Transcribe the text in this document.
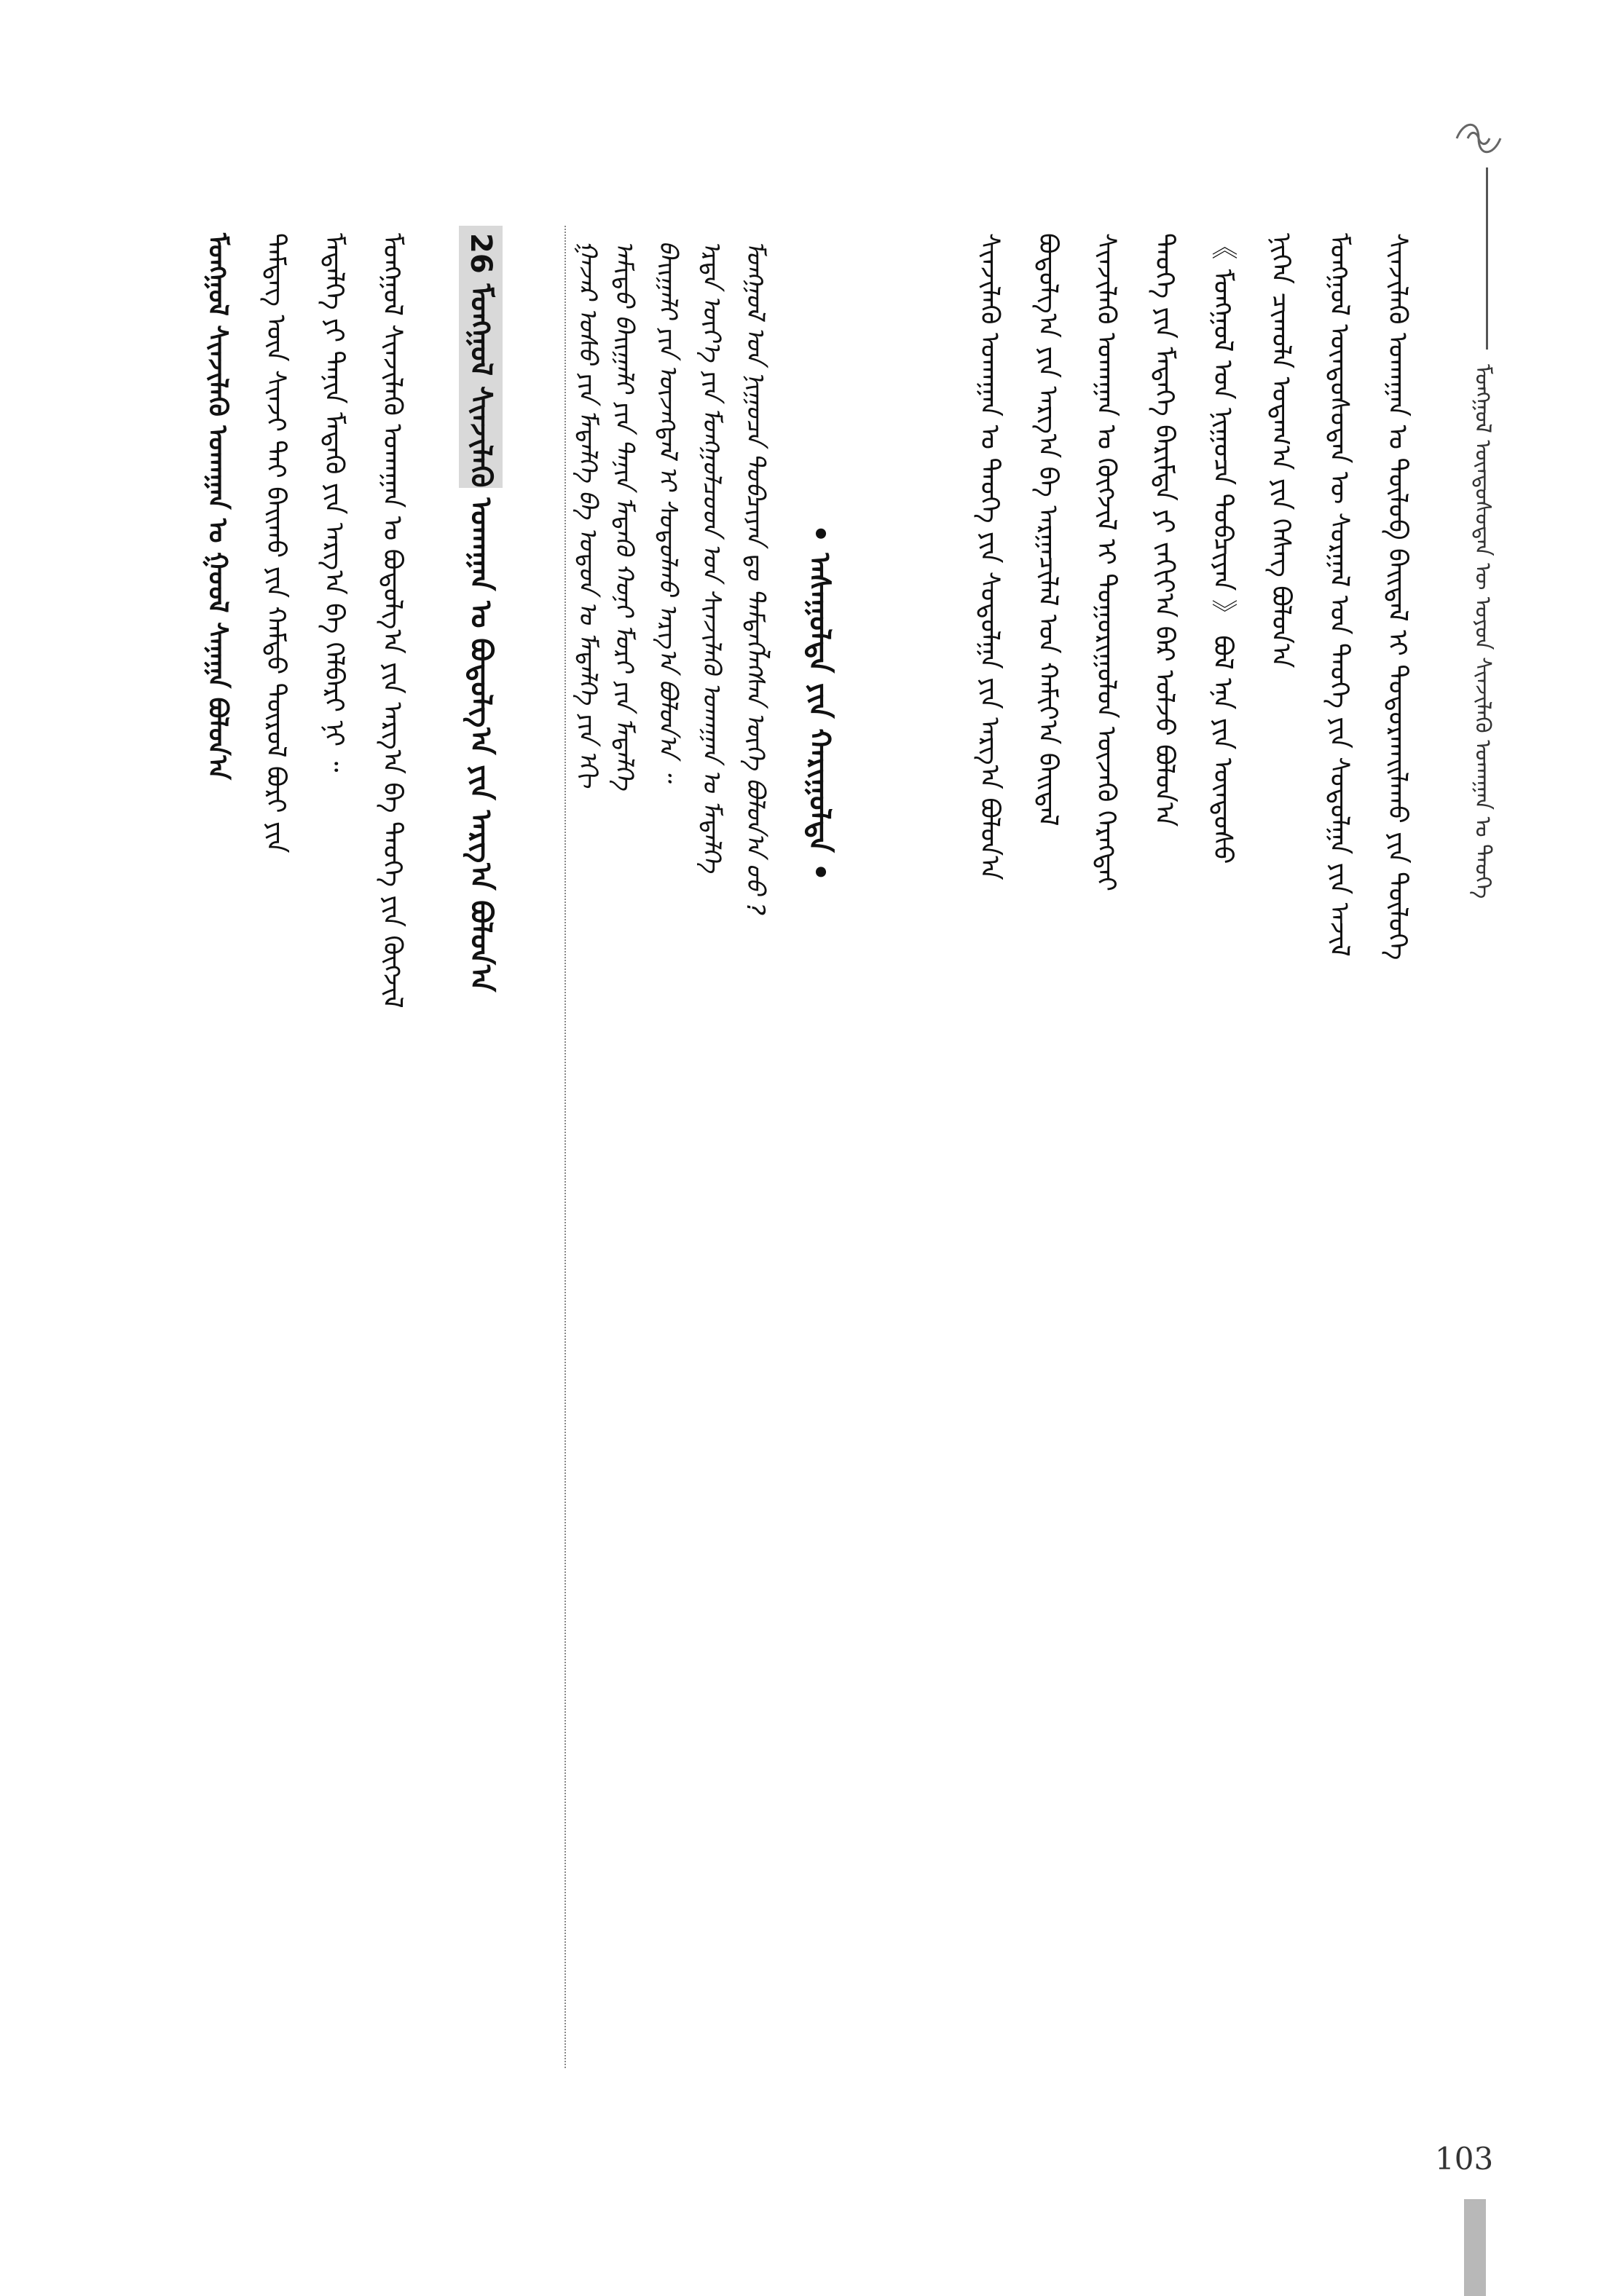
ᠮᠣᠩᠭᠣᠯ ᠦᠨᠳᠦᠰᠦᠲᠡᠨ ᠦ ᠣᠶᠤᠨ ᠰᠢᠨᠵᠢᠯᠡᠬᠦ ᠤᠬᠠᠭᠠᠨ ᠤ ᠲᠡᠦᠬᠡ
ᠰᠢᠨᠵᠢᠯᠡᠬᠦ ᠤᠬᠠᠭᠠᠨ ᠤ ᠲᠦᠯᠦᠪ ᠪᠠᠢᠳᠠᠯ ᠢ ᠲᠣᠳᠣᠷᠬᠠᠢᠯᠠᠬᠤ ᠶᠢᠨ ᠲᠦᠯᠦᠭᠡ
ᠮᠣᠩᠭᠣᠯ ᠦᠨᠳᠦᠰᠦᠲᠡᠨ ᠦ ᠰᠤᠷᠭᠠᠯ ᠤᠨ ᠲᠡᠦᠬᠡ ᠶᠢᠨ ᠰᠤᠳᠤᠯᠭᠠ ᠶᠢᠨ ᠠᠵᠢᠯ
ᠨᠢᠭᠡᠨ ᠴᠢᠬᠤᠯᠠ ᠤᠳᠠᠭ᠎ᠠ ᠶᠢᠨ ᠬᠡᠰᠡᠭ ᠪᠣᠯᠤᠨ᠎ᠠ
《 ᠮᠣᠩᠭᠣᠯ ᠤᠨ ᠨᠢᠭᠤᠴᠠ ᠲᠣᠪᠴᠢᠶᠠᠨ 》 ᠪᠣᠯ ᠡᠨᠡ ᠶᠢᠨ ᠦᠨᠳᠦᠰᠦ
ᠲᠡᠦᠬᠡ ᠶᠢᠨ ᠮᠡᠳᠡᠭᠡ ᠪᠠᠷᠢᠮᠲᠠ ᠶᠢ ᠵᠠᠬᠢᠶ᠎ᠠ ᠪᠠᠷ ᠣᠯᠵᠤ ᠪᠣᠯᠤᠨ᠎ᠠ
ᠰᠢᠨᠵᠢᠯᠡᠬᠦ ᠤᠬᠠᠭᠠᠨ ᠤ ᠬᠥᠭᠵᠢᠯ ᠢ ᠲᠣᠭᠤᠷᠢᠭᠤᠯᠤᠨ ᠦᠵᠡᠬᠦ ᠬᠡᠷᠡᠭᠲᠡᠢ
ᠪᠤᠳᠤᠯᠭ᠎ᠠ ᠶᠢᠨ ᠠᠷᠭ᠎ᠠ ᠪᠠ ᠠᠷᠭᠠᠴᠢᠯᠠᠯ ᠤᠨ ᠬᠠᠮᠢᠶ᠎ᠠ ᠪᠠᠢᠳᠠᠯ
ᠰᠢᠨᠵᠢᠯᠡᠬᠦ ᠤᠬᠠᠭᠠᠨ ᠤ ᠲᠡᠦᠬᠡ ᠶᠢᠨ ᠰᠤᠳᠤᠯᠭᠠ ᠶᠢᠨ ᠠᠷᠭ᠎ᠠ ᠪᠣᠯᠤᠨ᠎ᠠ
• ᠠᠰᠠᠭᠤᠯᠲᠠ ᠶᠢᠨ ᠬᠠᠷᠢᠭᠤᠯᠲᠠ •
ᠮᠣᠩᠭᠣᠯ ᠤᠨ ᠨᠢᠭᠤᠴᠠ ᠲᠣᠪᠴᠢᠶᠠᠨ ᠳᠤ ᠲᠡᠮᠳᠡᠭᠯᠡᠭᠰᠡᠨ ᠦᠭᠡ ᠪᠣᠯᠤᠨ᠎ᠠ ᠤᠤ ?
ᠡᠷᠲᠡ ᠦᠶ᠎ᠡ ᠶᠢᠨ ᠮᠣᠩᠭᠣᠯᠴᠤᠳ ᠤᠨ ᠰᠢᠨᠵᠢᠯᠡᠬᠦ ᠤᠬᠠᠭᠠᠨ ᠤ ᠮᠡᠳᠡᠯᠭᠡ
ᠪᠠᠢᠭᠠᠯᠢ ᠶᠢᠨ ᠦᠵᠡᠭᠳᠡᠯ ᠢ ᠰᠤᠳᠤᠯᠬᠤ ᠠᠷᠭ᠎ᠠ ᠪᠣᠯᠤᠨ᠎ᠠ ᠃
ᠠᠮᠢᠳᠤ ᠪᠠᠢᠭᠠᠯᠢ ᠶᠢᠨ ᠲᠠᠨᠢᠨ ᠮᠡᠳᠡᠬᠦ ᠬᠣᠨᠢ ᠮᠣᠷᠢ ᠶᠢᠨ ᠮᠡᠳᠡᠯᠭᠡ
ᠭᠠᠵᠠᠷ ᠤᠰᠤ ᠶᠢᠨ ᠮᠡᠳᠡᠯᠭᠡ ᠪᠠ ᠣᠳᠤᠨ ᠤ ᠮᠡᠳᠡᠯᠭᠡ ᠶᠢᠨ ᠡᠬᠢ
26 ᠮᠣᠩᠭᠣᠯ ᠰᠢᠨᠵᠢᠯᠡᠬᠦ ᠤᠬᠠᠭᠠᠨ ᠤ ᠪᠣᠳᠤᠯᠭ᠎ᠠ ᠶᠢᠨ ᠠᠷᠭ᠎ᠠ ᠪᠣᠯᠤᠨ᠎ᠠ
ᠮᠣᠩᠭᠣᠯ ᠰᠢᠨᠵᠢᠯᠡᠬᠦ ᠤᠬᠠᠭᠠᠨ ᠤ ᠪᠣᠳᠤᠯᠭ᠎ᠠ ᠶᠢᠨ ᠠᠷᠭ᠎ᠠ ᠪᠠ ᠲᠡᠦᠬᠡ ᠶᠢᠨ ᠬᠥᠭᠵᠢᠯ
ᠮᠡᠳᠡᠯᠭᠡ ᠶᠢ ᠲᠠᠨᠢᠨ ᠮᠡᠳᠡᠬᠦ ᠶᠢᠨ ᠠᠷᠭ᠎ᠠ ᠪᠠ ᠬᠡᠯᠪᠡᠷᠢ ᠨᠢ ᠃
ᠲᠡᠮᠳᠡᠭ ᠦᠨ ᠰᠢᠨᠵᠢ ᠲᠡᠢ ᠪᠠᠢᠬᠤ ᠶᠢᠨ ᠬᠠᠮᠲᠤ ᠲᠥᠷᠦᠯ ᠪᠤᠷᠢ ᠶᠢᠨ
ᠮᠣᠩᠭᠣᠯ ᠰᠢᠨᠵᠢᠯᠡᠬᠦ ᠤᠬᠠᠭᠠᠨ ᠤ ᠭᠣᠣᠯ ᠰᠠᠨᠠᠭᠠ ᠪᠣᠯᠤᠨ᠎ᠠ
103
